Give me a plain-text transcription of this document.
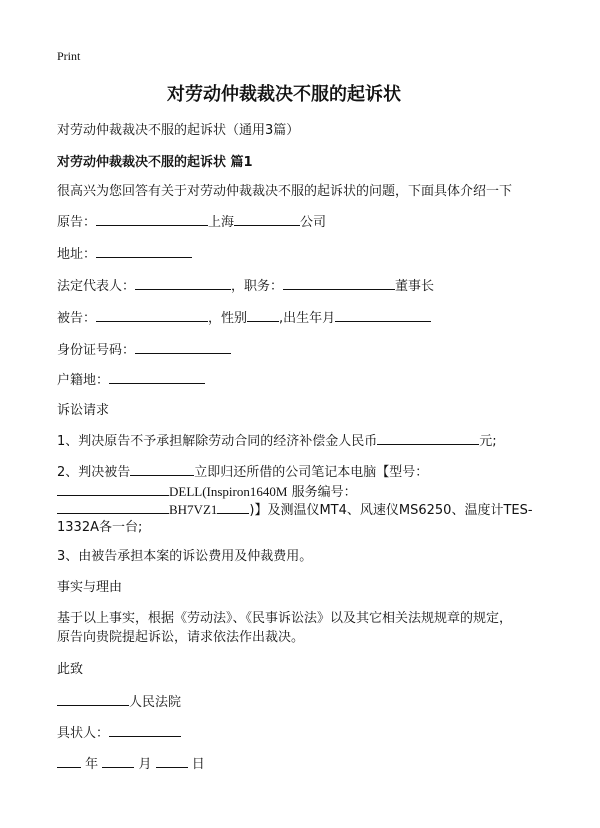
Print
对劳动仲裁裁决不服的起诉状
对劳动仲裁裁决不服的起诉状（通用3篇）
对劳动仲裁裁决不服的起诉状 篇1
很高兴为您回答有关于对劳动仲裁裁决不服的起诉状的问题，下面具体介绍一下
原告：	上海	公司
地址：
法定代表人：	，职务：	董事长
被告：	，性别 ,出生年月
身份证号码：
户籍地：
诉讼请求
1、判决原告不予承担解除劳动合同的经济补偿金人民币	元;
2、判决被告	立即归还所借的公司笔记本电脑【型号：
DELL(Inspiron1640M 服务编号：
BH7VZ1 )】及测温仪MT4、风速仪MS6250、温度计TES-
1332A各一台;
3、由被告承担本案的诉讼费用及仲裁费用。
事实与理由
基于以上事实，根据《劳动法》、《民事诉讼法》以及其它相关法规规章的规定，
原告向贵院提起诉讼，请求依法作出裁决。
此致
人民法院
具状人：
年	月	日
